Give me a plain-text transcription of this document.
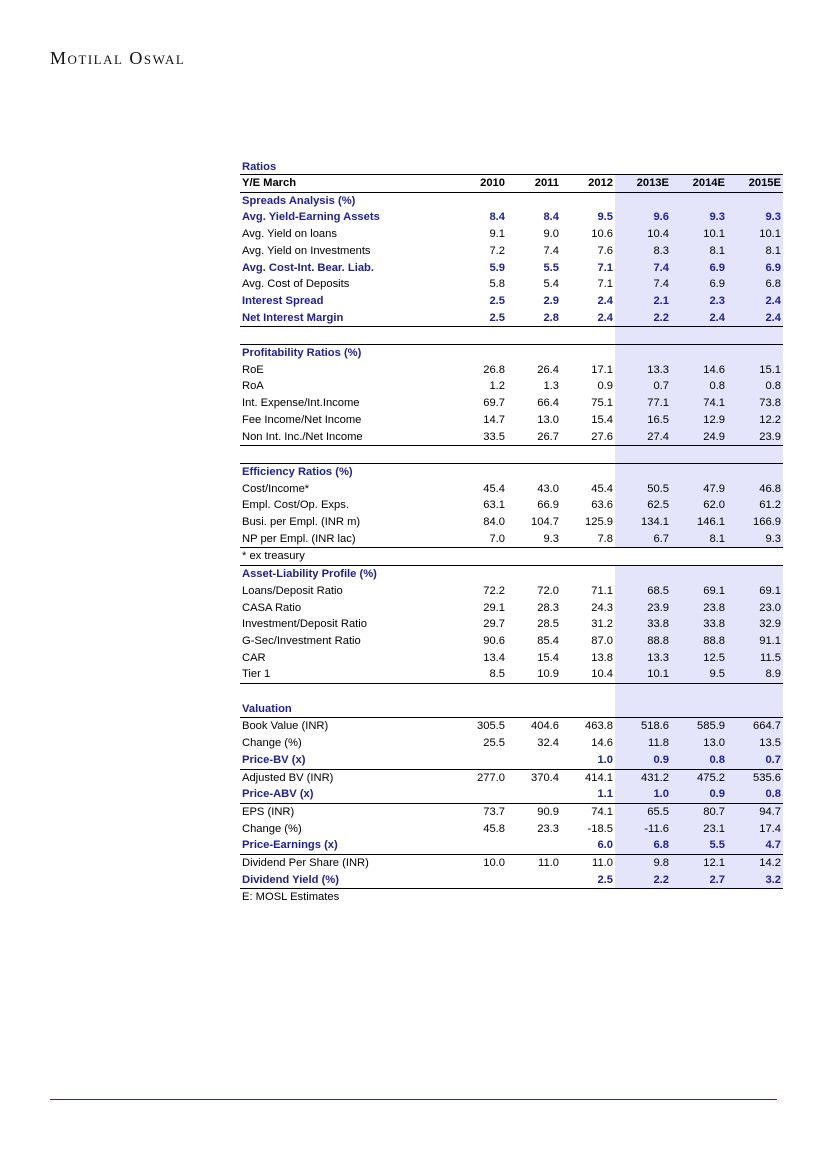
Motilal Oswal
Ratios
Y/E March	2010	2011	2012	2013E	2014E	2015E
Spreads Analysis (%)						
Avg. Yield-Earning Assets	8.4	8.4	9.5	9.6	9.3	9.3
Avg. Yield on loans	9.1	9.0	10.6	10.4	10.1	10.1
Avg. Yield on Investments	7.2	7.4	7.6	8.3	8.1	8.1
Avg. Cost-Int. Bear. Liab.	5.9	5.5	7.1	7.4	6.9	6.9
Avg. Cost of Deposits	5.8	5.4	7.1	7.4	6.9	6.8
Interest Spread	2.5	2.9	2.4	2.1	2.3	2.4
Net Interest Margin	2.5	2.8	2.4	2.2	2.4	2.4

Profitability Ratios (%)						
RoE	26.8	26.4	17.1	13.3	14.6	15.1
RoA	1.2	1.3	0.9	0.7	0.8	0.8
Int. Expense/Int.Income	69.7	66.4	75.1	77.1	74.1	73.8
Fee Income/Net Income	14.7	13.0	15.4	16.5	12.9	12.2
Non Int. Inc./Net Income	33.5	26.7	27.6	27.4	24.9	23.9

Efficiency Ratios (%)						
Cost/Income*	45.4	43.0	45.4	50.5	47.9	46.8
Empl. Cost/Op. Exps.	63.1	66.9	63.6	62.5	62.0	61.2
Busi. per Empl. (INR m)	84.0	104.7	125.9	134.1	146.1	166.9
NP per Empl. (INR lac)	7.0	9.3	7.8	6.7	8.1	9.3
* ex treasury						
Asset-Liability Profile (%)						
Loans/Deposit Ratio	72.2	72.0	71.1	68.5	69.1	69.1
CASA Ratio	29.1	28.3	24.3	23.9	23.8	23.0
Investment/Deposit Ratio	29.7	28.5	31.2	33.8	33.8	32.9
G-Sec/Investment Ratio	90.6	85.4	87.0	88.8	88.8	91.1
CAR	13.4	15.4	13.8	13.3	12.5	11.5
Tier 1	8.5	10.9	10.4	10.1	9.5	8.9

Valuation						
Book Value (INR)	305.5	404.6	463.8	518.6	585.9	664.7
Change (%)	25.5	32.4	14.6	11.8	13.0	13.5
Price-BV (x)			1.0	0.9	0.8	0.7
Adjusted BV (INR)	277.0	370.4	414.1	431.2	475.2	535.6
Price-ABV (x)			1.1	1.0	0.9	0.8
EPS (INR)	73.7	90.9	74.1	65.5	80.7	94.7
Change (%)	45.8	23.3	-18.5	-11.6	23.1	17.4
Price-Earnings (x)			6.0	6.8	5.5	4.7
Dividend Per Share (INR)	10.0	11.0	11.0	9.8	12.1	14.2
Dividend Yield (%)			2.5	2.2	2.7	3.2
E: MOSL Estimates						
